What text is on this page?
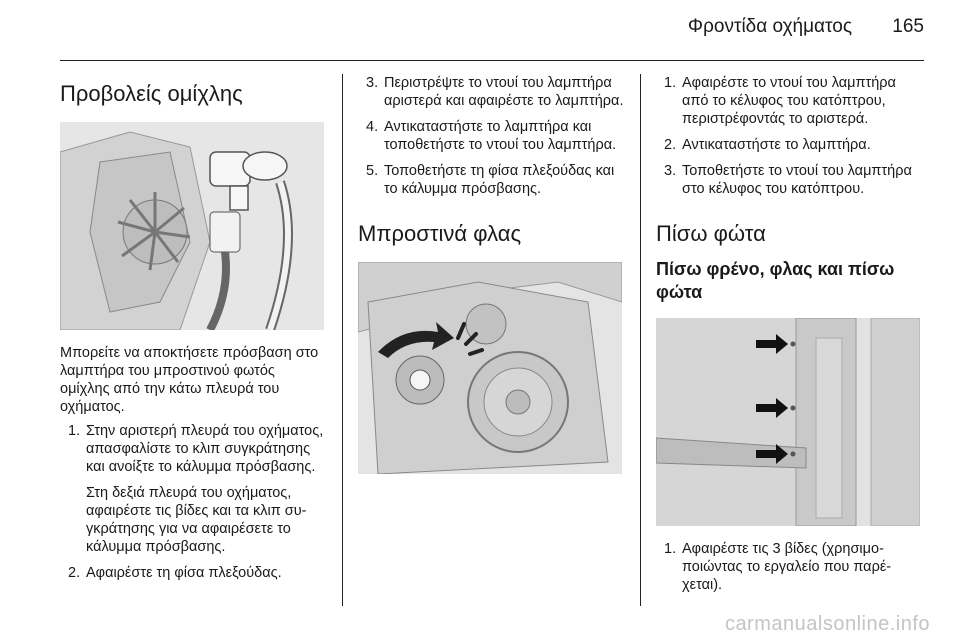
Φροντίδα οχήματος 165
Προβολείς ομίχλης

Μπορείτε να αποκτήσετε πρόσβαση στο λαμπτήρα του μπροστινού φωτός ομίχλης από την κάτω πλευρά του οχήματος.

1. Στην αριστερή πλευρά του οχήματος, απασφαλίστε το κλιπ συγκράτησης και ανοίξτε το κάλυμμα πρόσβασης.

Στη δεξιά πλευρά του οχήματος, αφαιρέστε τις βίδες και τα κλιπ συγκράτησης για να αφαιρέσετε το κάλυμμα πρόσβασης.

2. Αφαιρέστε τη φίσα πλεξούδας.
3. Περιστρέψτε το ντουί του λαμπτήρα αριστερά και αφαιρέστε το λαμπτήρα.
4. Αντικαταστήστε το λαμπτήρα και τοποθετήστε το ντουί του λαμπτήρα.
5. Τοποθετήστε τη φίσα πλεξούδας και το κάλυμμα πρόσβασης.
Μπροστινά φλας
1. Αφαιρέστε το ντουί του λαμπτήρα από το κέλυφος του κατόπτρου, περιστρέφοντάς το αριστερά.
2. Αντικαταστήστε το λαμπτήρα.
3. Τοποθετήστε το ντουί του λαμπτήρα στο κέλυφος του κατόπτρου.
Πίσω φώτα
Πίσω φρένο, φλας και πίσω φώτα
1. Αφαιρέστε τις 3 βίδες (χρησιμοποιώντας το εργαλείο που παρέχεται).
carmanualsonline.info
